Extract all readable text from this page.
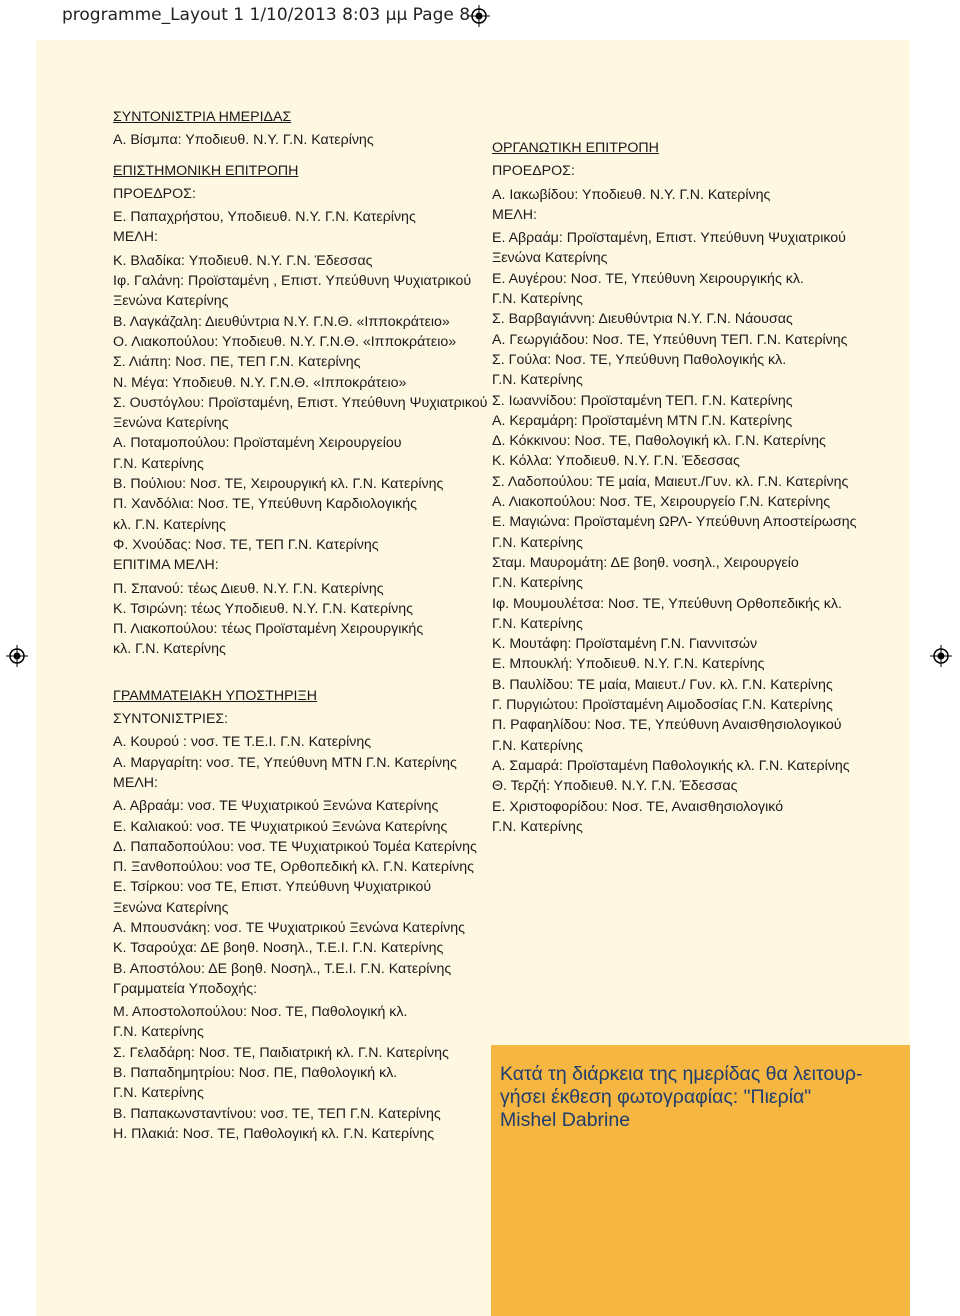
programme_Layout 1 1/10/2013 8:03 μμ Page 8
ΣΥΝΤΟΝΙΣΤΡΙΑ ΗΜΕΡΙΔΑΣ
Α. Βίσμπα: Υποδιευθ. Ν.Υ. Γ.Ν. Κατερίνης
ΕΠΙΣΤΗΜΟΝΙΚΗ ΕΠΙΤΡΟΠΗ
ΠΡΟΕΔΡΟΣ:
Ε. Παπαχρήστου, Υποδιευθ. Ν.Υ. Γ.Ν. Κατερίνης
ΜΕΛΗ:
Κ. Βλαδίκα: Υποδιευθ. Ν.Υ. Γ.Ν. Έδεσσας
Ιφ. Γαλάνη: Προϊσταμένη , Επιστ. Υπεύθυνη Ψυχιατρικού
Ξενώνα Κατερίνης
Β. Λαγκάζαλη: Διευθύντρια Ν.Υ. Γ.Ν.Θ. «Ιπποκράτειο»
Ο. Λιακοπούλου: Υποδιευθ. Ν.Υ. Γ.Ν.Θ. «Ιπποκράτειο»
Σ. Λιάπη: Νοσ. ΠΕ, ΤΕΠ Γ.Ν. Κατερίνης
Ν. Μέγα: Υποδιευθ. Ν.Υ. Γ.Ν.Θ. «Ιπποκράτειο»
Σ. Ουστόγλου: Προϊσταμένη, Επιστ. Υπεύθυνη Ψυχιατρικού
Ξενώνα Κατερίνης
Α. Ποταμοπούλου: Προϊσταμένη Χειρουργείου
Γ.Ν. Κατερίνης
Β. Πούλιου: Νοσ. ΤΕ, Χειρουργική κλ. Γ.Ν. Κατερίνης
Π. Χανδόλια: Νοσ. ΤΕ, Υπεύθυνη Καρδιολογικής
κλ. Γ.Ν. Κατερίνης
Φ. Χνούδας: Νοσ. ΤΕ, ΤΕΠ Γ.Ν. Κατερίνης
ΕΠΙΤΙΜΑ ΜΕΛΗ:
Π. Σπανού: τέως Διευθ. Ν.Υ. Γ.Ν. Κατερίνης
Κ. Τσιρώνη: τέως Υποδιευθ. Ν.Υ. Γ.Ν. Κατερίνης
Π. Λιακοπούλου: τέως Προϊσταμένη Χειρουργικής
κλ. Γ.Ν. Κατερίνης
ΓΡΑΜΜΑΤΕΙΑΚΗ ΥΠΟΣΤΗΡΙΞΗ
ΣΥΝΤΟΝΙΣΤΡΙΕΣ:
Α. Κουρού : νοσ. ΤΕ Τ.Ε.Ι. Γ.Ν. Κατερίνης
Α. Μαργαρίτη: νοσ. ΤΕ, Υπεύθυνη ΜΤΝ Γ.Ν. Κατερίνης
ΜΕΛΗ:
Α. Αβραάμ: νοσ. ΤΕ Ψυχιατρικού Ξενώνα Κατερίνης
Ε. Καλιακού: νοσ. ΤΕ Ψυχιατρικού Ξενώνα Κατερίνης
Δ. Παπαδοπούλου: νοσ. ΤΕ Ψυχιατρικού Τομέα Κατερίνης
Π. Ξανθοπούλου: νοσ ΤΕ, Ορθοπεδική κλ. Γ.Ν. Κατερίνης
Ε. Τσίρκου: νοσ ΤΕ, Επιστ. Υπεύθυνη Ψυχιατρικού
Ξενώνα Κατερίνης
Α. Μπουσνάκη: νοσ. ΤΕ Ψυχιατρικού Ξενώνα Κατερίνης
Κ. Τσαρούχα: ΔΕ βοηθ. Νοσηλ., Τ.Ε.Ι. Γ.Ν. Κατερίνης
Β. Αποστόλου: ΔΕ βοηθ. Νοσηλ., Τ.Ε.Ι. Γ.Ν. Κατερίνης
Γραμματεία Υποδοχής:
Μ. Αποστολοπούλου: Νοσ. ΤΕ, Παθολογική κλ.
Γ.Ν. Κατερίνης
Σ. Γελαδάρη: Νοσ. ΤΕ, Παιδιατρική κλ. Γ.Ν. Κατερίνης
Β. Παπαδημητρίου: Νοσ. ΠΕ, Παθολογική κλ.
Γ.Ν. Κατερίνης
Β. Παπακωνσταντίνου: νοσ. ΤΕ, ΤΕΠ Γ.Ν. Κατερίνης
Η. Πλακιά: Νοσ. ΤΕ, Παθολογική κλ. Γ.Ν. Κατερίνης
ΟΡΓΑΝΩΤΙΚΗ ΕΠΙΤΡΟΠΗ
ΠΡΟΕΔΡΟΣ:
Α. Ιακωβίδου: Υποδιευθ. Ν.Υ. Γ.Ν. Κατερίνης
ΜΕΛΗ:
Ε. Αβραάμ: Προϊσταμένη, Επιστ. Υπεύθυνη Ψυχιατρικού
Ξενώνα Κατερίνης
Ε. Αυγέρου: Νοσ. ΤΕ, Υπεύθυνη Χειρουργικής κλ.
Γ.Ν. Κατερίνης
Σ. Βαρβαγιάννη: Διευθύντρια Ν.Υ. Γ.Ν. Νάουσας
Α. Γεωργιάδου: Νοσ. ΤΕ, Υπεύθυνη ΤΕΠ. Γ.Ν. Κατερίνης
Σ. Γούλα: Νοσ. ΤΕ, Υπεύθυνη Παθολογικής κλ.
Γ.Ν. Κατερίνης
Σ. Ιωαννίδου: Προϊσταμένη ΤΕΠ. Γ.Ν. Κατερίνης
Α. Κεραμάρη: Προϊσταμένη ΜΤΝ Γ.Ν. Κατερίνης
Δ. Κόκκινου: Νοσ. ΤΕ, Παθολογική κλ. Γ.Ν. Κατερίνης
Κ. Κόλλα: Υποδιευθ. Ν.Υ. Γ.Ν. Έδεσσας
Σ. Λαδοπούλου: ΤΕ μαία, Μαιευτ./Γυν. κλ. Γ.Ν. Κατερίνης
Α. Λιακοπούλου: Νοσ. ΤΕ, Χειρουργείο Γ.Ν. Κατερίνης
Ε. Μαγιώνα: Προϊσταμένη ΩΡΛ- Υπεύθυνη Αποστείρωσης
Γ.Ν. Κατερίνης
Σταμ. Μαυρομάτη: ΔΕ βοηθ. νοσηλ., Χειρουργείο
Γ.Ν. Κατερίνης
Ιφ. Μουμουλέτσα: Νοσ. ΤΕ, Υπεύθυνη Ορθοπεδικής κλ.
Γ.Ν. Κατερίνης
Κ. Μουτάφη: Προϊσταμένη Γ.Ν. Γιαννιτσών
Ε. Μπουκλή: Υποδιευθ. Ν.Υ. Γ.Ν. Κατερίνης
Β. Παυλίδου: ΤΕ μαία, Μαιευτ./ Γυν. κλ. Γ.Ν. Κατερίνης
Γ. Πυργιώτου: Προϊσταμένη Αιμοδοσίας Γ.Ν. Κατερίνης
Π. Ραφαηλίδου: Νοσ. ΤΕ, Υπεύθυνη Αναισθησιολογικού
Γ.Ν. Κατερίνης
Α. Σαμαρά: Προϊσταμένη Παθολογικής κλ. Γ.Ν. Κατερίνης
Θ. Τερζή: Υποδιευθ. Ν.Υ. Γ.Ν. Έδεσσας
Ε. Χριστοφορίδου: Νοσ. ΤΕ, Αναισθησιολογικό
Γ.Ν. Κατερίνης
Κατά τη διάρκεια της ημερίδας θα λειτουρ-
γήσει έκθεση φωτογραφίας: "Πιερία"
Mishel Dabrine
